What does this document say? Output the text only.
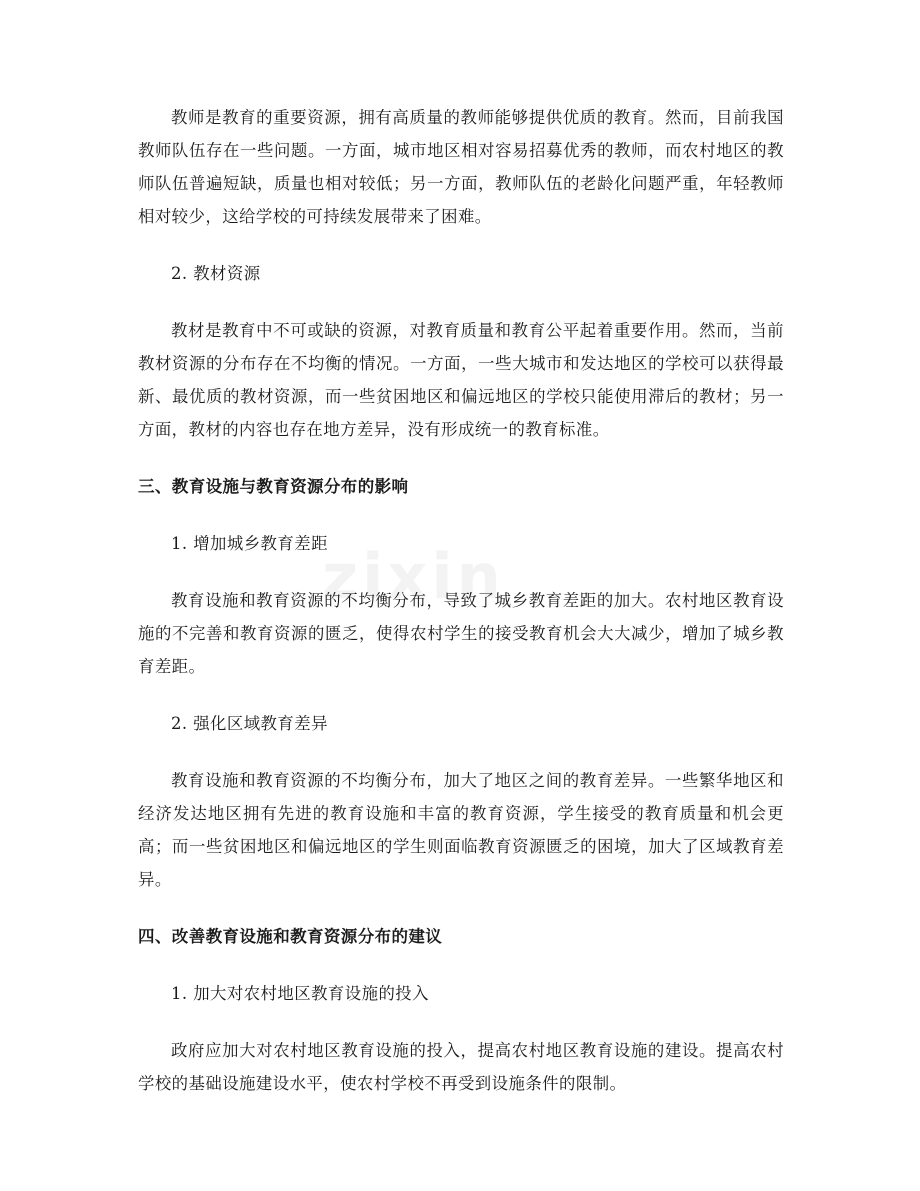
zixin

教师是教育的重要资源，拥有高质量的教师能够提供优质的教育。然而，目前我国教师队伍存在一些问题。一方面，城市地区相对容易招募优秀的教师，而农村地区的教师队伍普遍短缺，质量也相对较低；另一方面，教师队伍的老龄化问题严重，年轻教师相对较少，这给学校的可持续发展带来了困难。

2. 教材资源

教材是教育中不可或缺的资源，对教育质量和教育公平起着重要作用。然而，当前教材资源的分布存在不均衡的情况。一方面，一些大城市和发达地区的学校可以获得最新、最优质的教材资源，而一些贫困地区和偏远地区的学校只能使用滞后的教材；另一方面，教材的内容也存在地方差异，没有形成统一的教育标准。

三、教育设施与教育资源分布的影响

1. 增加城乡教育差距

教育设施和教育资源的不均衡分布，导致了城乡教育差距的加大。农村地区教育设施的不完善和教育资源的匮乏，使得农村学生的接受教育机会大大减少，增加了城乡教育差距。

2. 强化区域教育差异

教育设施和教育资源的不均衡分布，加大了地区之间的教育差异。一些繁华地区和经济发达地区拥有先进的教育设施和丰富的教育资源，学生接受的教育质量和机会更高；而一些贫困地区和偏远地区的学生则面临教育资源匮乏的困境，加大了区域教育差异。

四、改善教育设施和教育资源分布的建议

1. 加大对农村地区教育设施的投入

政府应加大对农村地区教育设施的投入，提高农村地区教育设施的建设。提高农村学校的基础设施建设水平，使农村学校不再受到设施条件的限制。
